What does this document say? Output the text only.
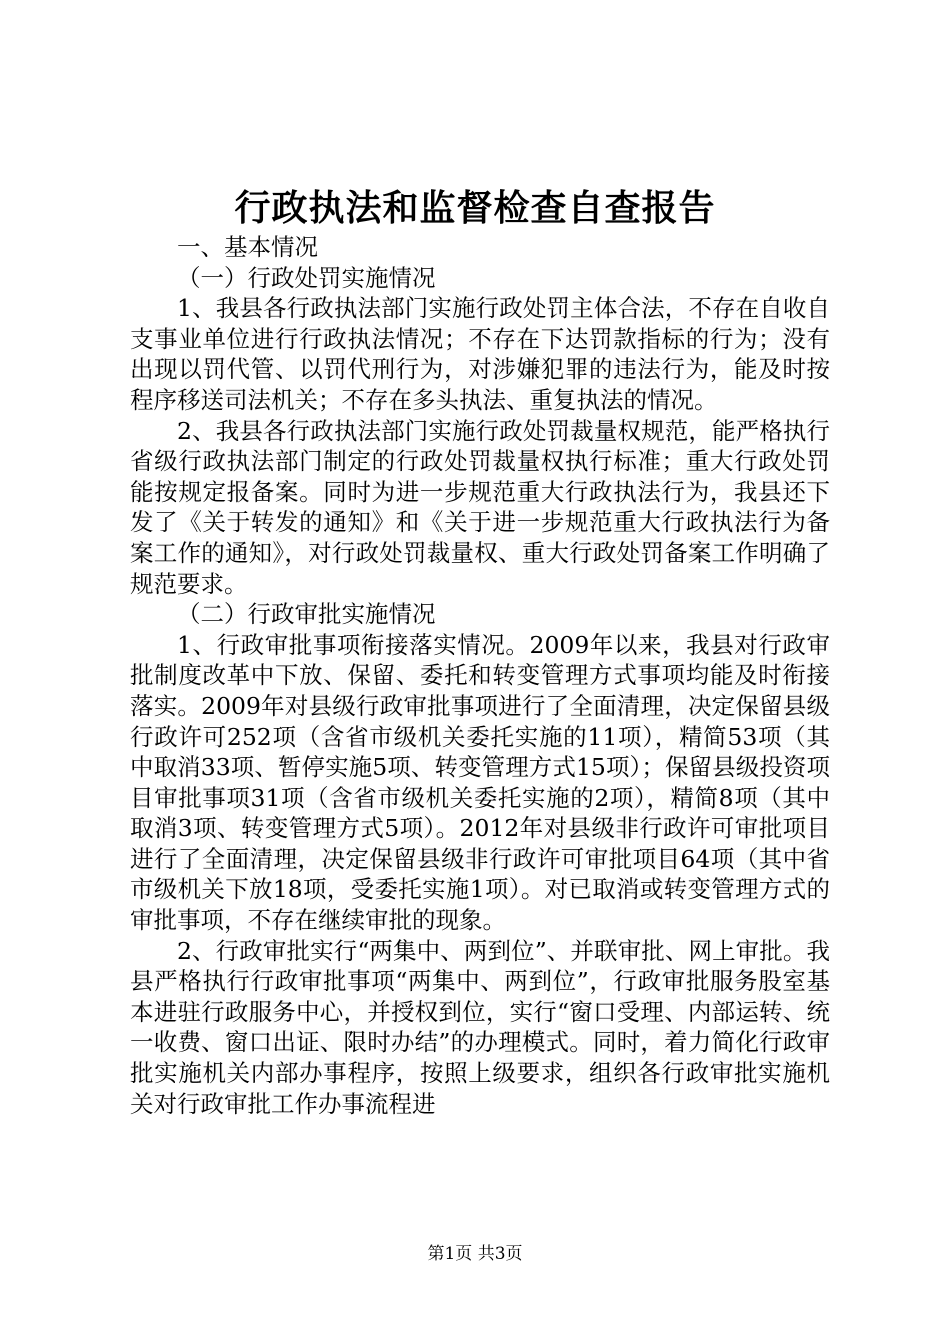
行政执法和监督检查自查报告

一、基本情况

（一）行政处罚实施情况

1、我县各行政执法部门实施行政处罚主体合法，不存在自收自支事业单位进行行政执法情况；不存在下达罚款指标的行为；没有出现以罚代管、以罚代刑行为，对涉嫌犯罪的违法行为，能及时按程序移送司法机关；不存在多头执法、重复执法的情况。

2、我县各行政执法部门实施行政处罚裁量权规范，能严格执行省级行政执法部门制定的行政处罚裁量权执行标准；重大行政处罚能按规定报备案。同时为进一步规范重大行政执法行为，我县还下发了《关于转发的通知》和《关于进一步规范重大行政执法行为备案工作的通知》，对行政处罚裁量权、重大行政处罚备案工作明确了规范要求。

（二）行政审批实施情况

1、行政审批事项衔接落实情况。2009年以来，我县对行政审批制度改革中下放、保留、委托和转变管理方式事项均能及时衔接落实。2009年对县级行政审批事项进行了全面清理，决定保留县级行政许可252项（含省市级机关委托实施的11项），精简53项（其中取消33项、暂停实施5项、转变管理方式15项）；保留县级投资项目审批事项31项（含省市级机关委托实施的2项），精简8项（其中取消3项、转变管理方式5项）。2012年对县级非行政许可审批项目进行了全面清理，决定保留县级非行政许可审批项目64项（其中省市级机关下放18项，受委托实施1项）。对已取消或转变管理方式的审批事项，不存在继续审批的现象。

2、行政审批实行“两集中、两到位”、并联审批、网上审批。我县严格执行行政审批事项“两集中、两到位”，行政审批服务股室基本进驻行政服务中心，并授权到位，实行“窗口受理、内部运转、统一收费、窗口出证、限时办结”的办理模式。同时，着力简化行政审批实施机关内部办事程序，按照上级要求，组织各行政审批实施机关对行政审批工作办事流程进

第1页 共3页
